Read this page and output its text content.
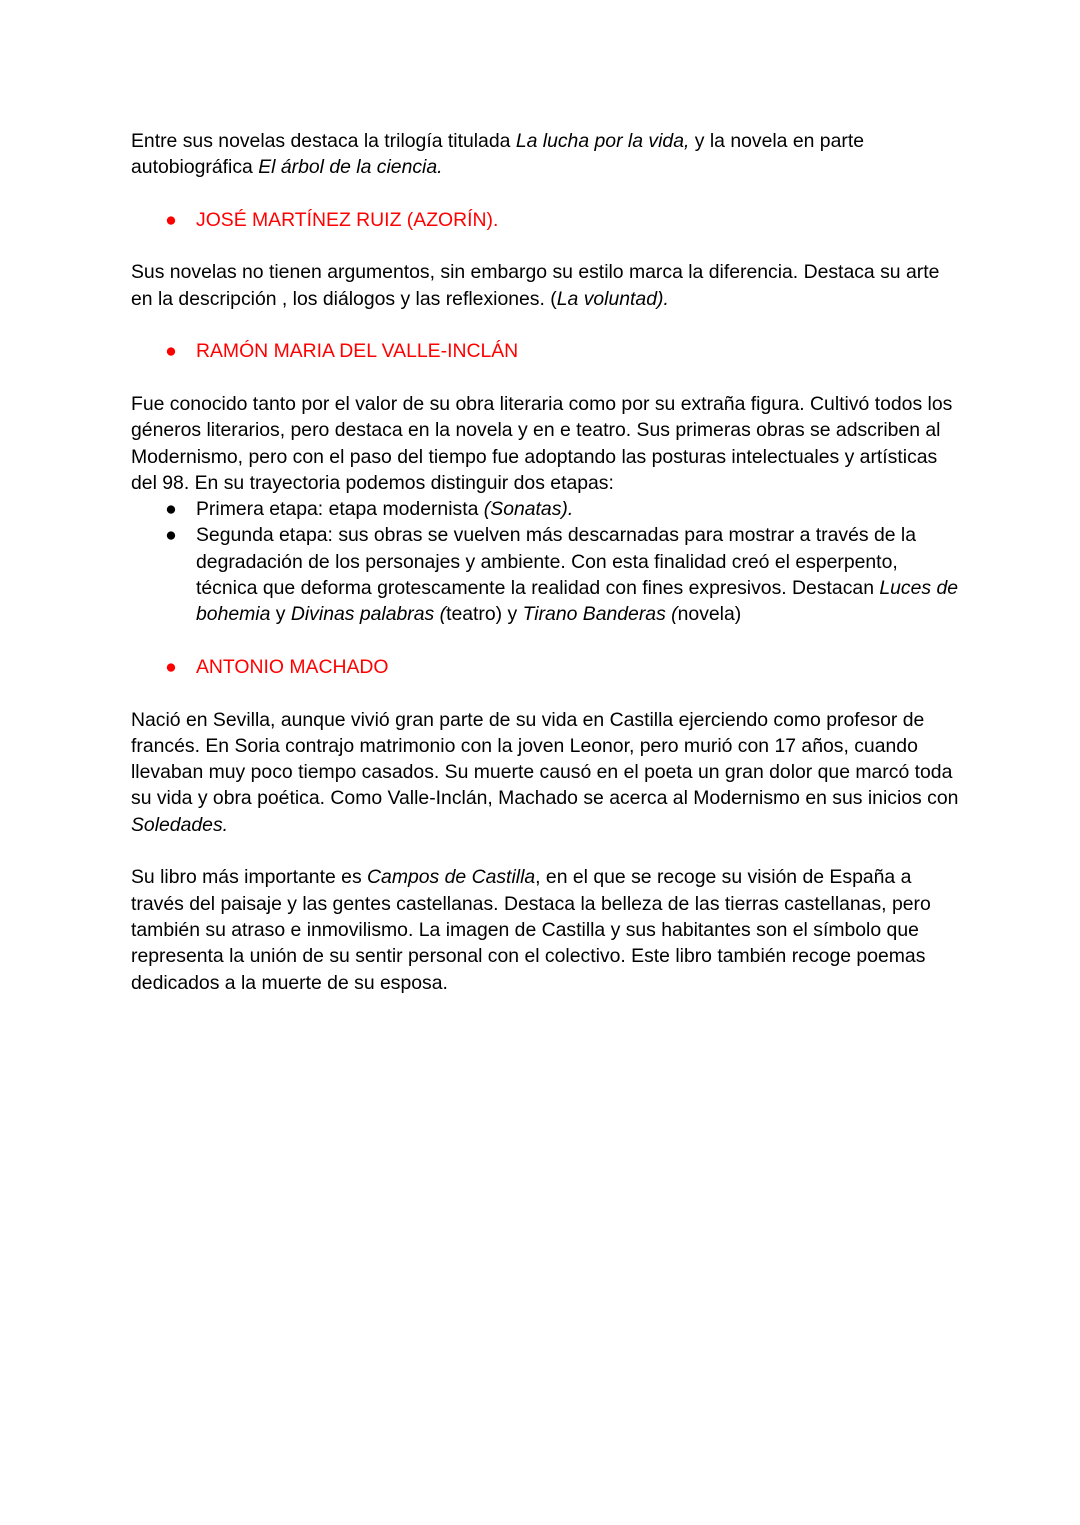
Entre sus novelas destaca la trilogía titulada La lucha por la vida, y la novela en parte autobiográfica El árbol de la ciencia.

● JOSÉ MARTÍNEZ RUIZ (AZORÍN).

Sus novelas no tienen argumentos, sin embargo su estilo marca la diferencia. Destaca su arte en la descripción , los diálogos y las reflexiones. (La voluntad).

● RAMÓN MARIA DEL VALLE-INCLÁN

Fue conocido tanto por el valor de su obra literaria como por su extraña figura. Cultivó todos los géneros literarios, pero destaca en la novela y en e teatro. Sus primeras obras se adscriben al Modernismo, pero con el paso del tiempo fue adoptando las posturas intelectuales y artísticas del 98. En su trayectoria podemos distinguir dos etapas:

● Primera etapa: etapa modernista (Sonatas).
● Segunda etapa: sus obras se vuelven más descarnadas para mostrar a través de la degradación de los personajes y ambiente. Con esta finalidad creó el esperpento, técnica que deforma grotescamente la realidad con fines expresivos. Destacan Luces de bohemia y Divinas palabras (teatro) y Tirano Banderas (novela)

● ANTONIO MACHADO

Nació en Sevilla, aunque vivió gran parte de su vida en Castilla ejerciendo como profesor de francés. En Soria contrajo matrimonio con la joven Leonor, pero murió con 17 años, cuando llevaban muy poco tiempo casados. Su muerte causó en el poeta un gran dolor que marcó toda su vida y obra poética. Como Valle-Inclán, Machado se acerca al Modernismo en sus inicios con Soledades.

Su libro más importante es Campos de Castilla, en el que se recoge su visión de España a través del paisaje y las gentes castellanas. Destaca la belleza de las tierras castellanas, pero también su atraso e inmovilismo. La imagen de Castilla y sus habitantes son el símbolo que representa la unión de su sentir personal con el colectivo. Este libro también recoge poemas dedicados a la muerte de su esposa.
